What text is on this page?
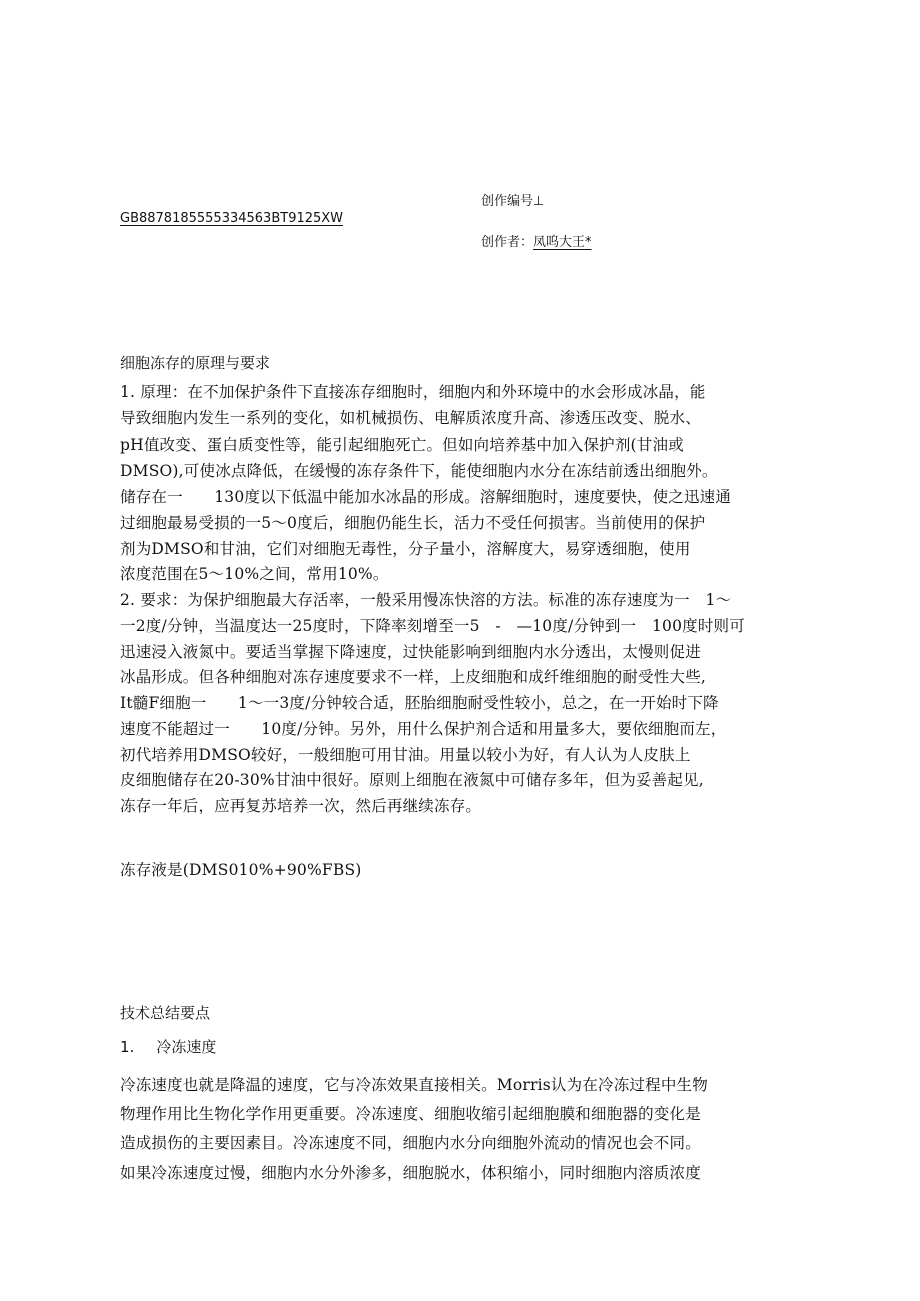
创作编号⊥
GB8878185555334563BT9125XW
创作者：凤呜大王*
细胞冻存的原理与要求
1. 原理：在不加保护条件下直接冻存细胞时，细胞内和外环境中的水会形成冰晶，能
导致细胞内发生一系列的变化，如机械损伤、电解质浓度升高、渗透压改变、脱水、
pH值改变、蛋白质变性等，能引起细胞死亡。但如向培养基中加入保护剂(甘油或
DMSO),可使冰点降低，在缓慢的冻存条件下，能使细胞内水分在冻结前透出细胞外。
储存在一　　130度以下低温中能加水冰晶的形成。溶解细胞时，速度要快，使之迅速通
过细胞最易受损的一5～0度后，细胞仍能生长，活力不受任何损害。当前使用的保护
剂为DMSO和甘油，它们对细胞无毒性，分子量小，溶解度大，易穿透细胞，使用
浓度范围在5～10%之间，常用10%。
2. 要求：为保护细胞最大存活率，一般采用慢冻快溶的方法。标准的冻存速度为一　1～
一2度/分钟，当温度达一25度时，下降率刻增至一5　-　—10度/分钟到一　100度时则可
迅速浸入液氮中。要适当掌握下降速度，过快能影响到细胞内水分透出，太慢则促进
冰晶形成。但各种细胞对冻存速度要求不一样，上皮细胞和成纤维细胞的耐受性大些,
It髓F细胞一　　1～一3度/分钟较合适，胚胎细胞耐受性较小，总之，在一开始时下降
速度不能超过一　　10度/分钟。另外，用什么保护剂合适和用量多大，要依细胞而左，
初代培养用DMSO较好，一般细胞可用甘油。用量以较小为好，有人认为人皮肤上
皮细胞储存在20-30%甘油中很好。原则上细胞在液氮中可储存多年，但为妥善起见,
冻存一年后，应再复苏培养一次，然后再继续冻存。
冻存液是(DMS010%+90%FBS)
技术总结要点
1. 冷冻速度
冷冻速度也就是降温的速度，它与冷冻效果直接相关。Morris认为在冷冻过程中生物
物理作用比生物化学作用更重要。冷冻速度、细胞收缩引起细胞膜和细胞器的变化是
造成损伤的主要因素目。冷冻速度不同，细胞内水分向细胞外流动的情况也会不同。
如果冷冻速度过慢，细胞内水分外渗多，细胞脱水，体积缩小，同时细胞内溶质浓度
